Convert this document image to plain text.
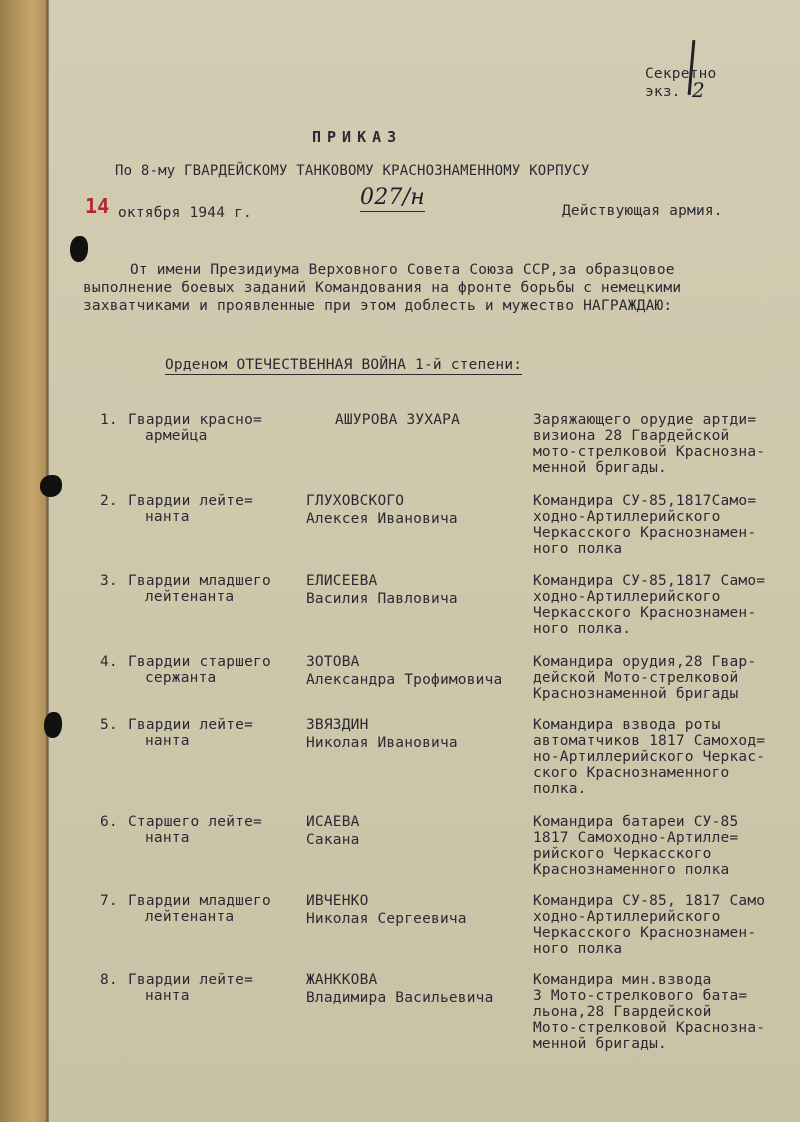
Секретно
экз. 2
ПРИКАЗ
По 8-му ГВАРДЕЙСКОМУ ТАНКОВОМУ КРАСНОЗНАМЕННОМУ КОРПУСУ
14 октября 1944 г.
027/н
Действующая армия.
От имени Президиума Верховного Совета Союза ССР,за образцовое
выполнение боевых заданий Командования на фронте борьбы с немецкими
захватчиками и проявленные при этом доблесть и мужество НАГРАЖДАЮ:
Орденом ОТЕЧЕСТВЕННАЯ ВОЙНА 1-й степени:
1. Гвардии красно=
армейца
АШУРОВА ЗУХАРА	Заряжающего орудие артди=
визиона 28 Гвардейской
мото-стрелковой Краснозна-
менной бригады.
2. Гвардии лейте=
нанта
ГЛУХОВСКОГО
Алексея Ивановича
Командира СУ-85,1817Само=
ходно-Артиллерийского
Черкасского Краснознамен-
ного полка
3. Гвардии младшего
лейтенанта
ЕЛИСЕЕВА
Василия Павловича
Командира СУ-85,1817 Само=
ходно-Артиллерийского
Черкасского Краснознамен-
ного полка.
4. Гвардии старшего
сержанта
ЗОТОВА
Александра Трофимовича
Командира орудия,28 Гвар-
дейской Мото-стрелковой
Краснознаменной бригады
5. Гвардии лейте=
нанта
ЗВЯЗДИН
Николая Ивановича
Командира взвода роты
автоматчиков 1817 Самоход=
но-Артиллерийского Черкас-
ского Краснознаменного
полка.
6. Старшего лейте=
нанта
ИСАЕВА
Сакана
Командира батареи СУ-85
1817 Самоходно-Артилле=
рийского Черкасского
Краснознаменного полка
7. Гвардии младшего
лейтенанта
ИВЧЕНКО
Николая Сергеевича
Командира СУ-85, 1817 Само
ходно-Артиллерийского
Черкасского Краснознамен-
ного полка
8. Гвардии лейте=
нанта
ЖАНККОВА
Владимира Васильевича
Командира мин.взвода
3 Мото-стрелкового бата=
льона,28 Гвардейской
Мото-стрелковой Краснозна-
менной бригады.
